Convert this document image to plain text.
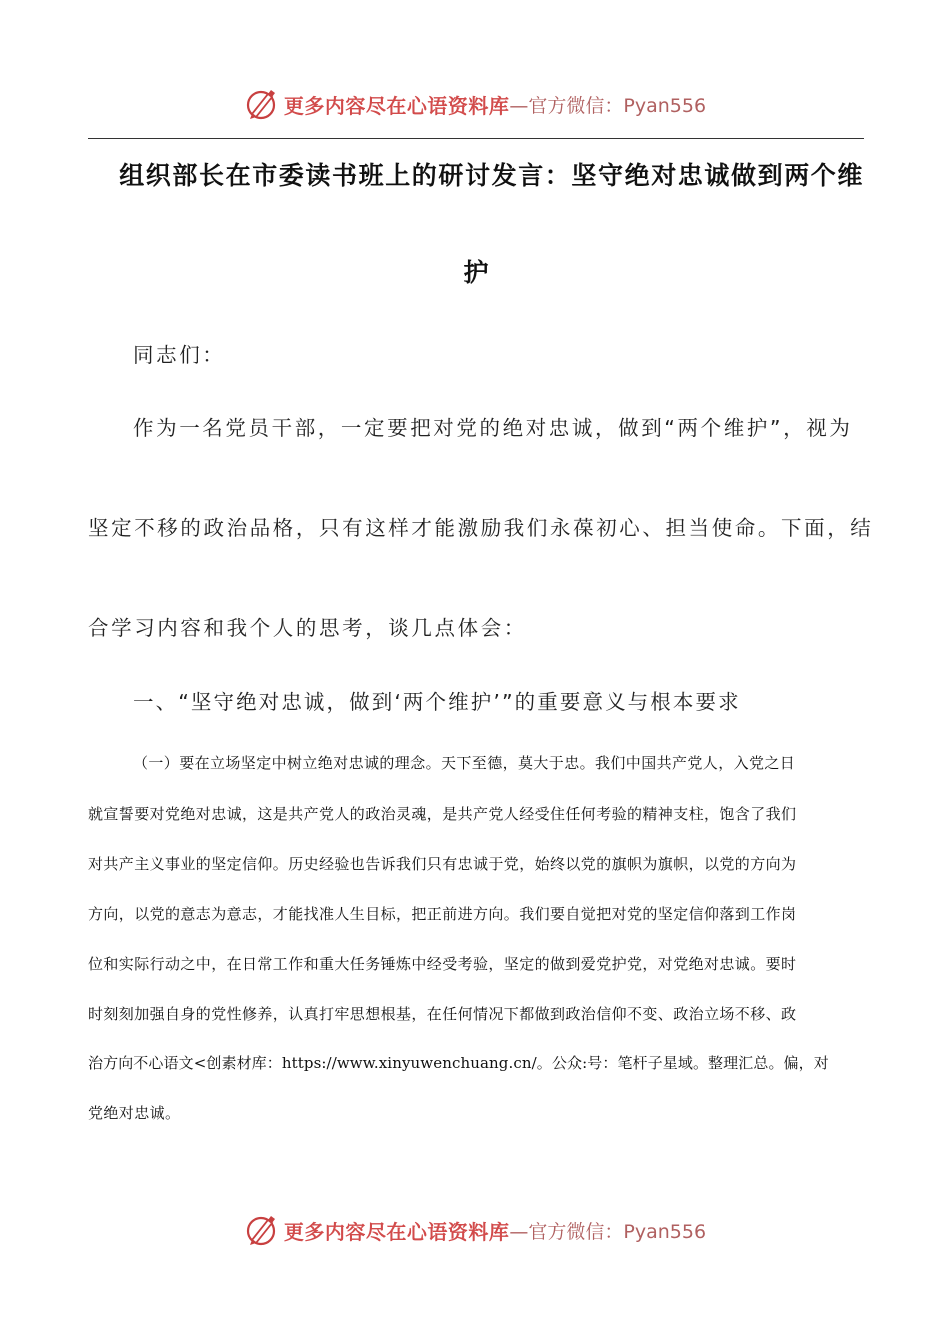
更多内容尽在心语资料库 —官方微信：Pyan556
组织部长在市委读书班上的研讨发言：坚守绝对忠诚做到两个维
护
同志们：
作为一名党员干部，一定要把对党的绝对忠诚，做到“两个维护”，视为
坚定不移的政治品格，只有这样才能激励我们永葆初心、担当使命。下面，结
合学习内容和我个人的思考，谈几点体会：
一、“坚守绝对忠诚，做到‘两个维护’”的重要意义与根本要求
（一）要在立场坚定中树立绝对忠诚的理念。天下至德，莫大于忠。我们中国共产党人，入党之日
就宣誓要对党绝对忠诚，这是共产党人的政治灵魂，是共产党人经受住任何考验的精神支柱，饱含了我们
对共产主义事业的坚定信仰。历史经验也告诉我们只有忠诚于党，始终以党的旗帜为旗帜，以党的方向为
方向，以党的意志为意志，才能找准人生目标，把正前进方向。我们要自觉把对党的坚定信仰落到工作岗
位和实际行动之中，在日常工作和重大任务锤炼中经受考验，坚定的做到爱党护党，对党绝对忠诚。要时
时刻刻加强自身的党性修养，认真打牢思想根基，在任何情况下都做到政治信仰不变、政治立场不移、政
治方向不心语文<创素材库：https://www.xinyuwenchuang.cn/。公众:号：笔杆子星域。整理汇总。偏，对
党绝对忠诚。
更多内容尽在心语资料库 —官方微信：Pyan556
